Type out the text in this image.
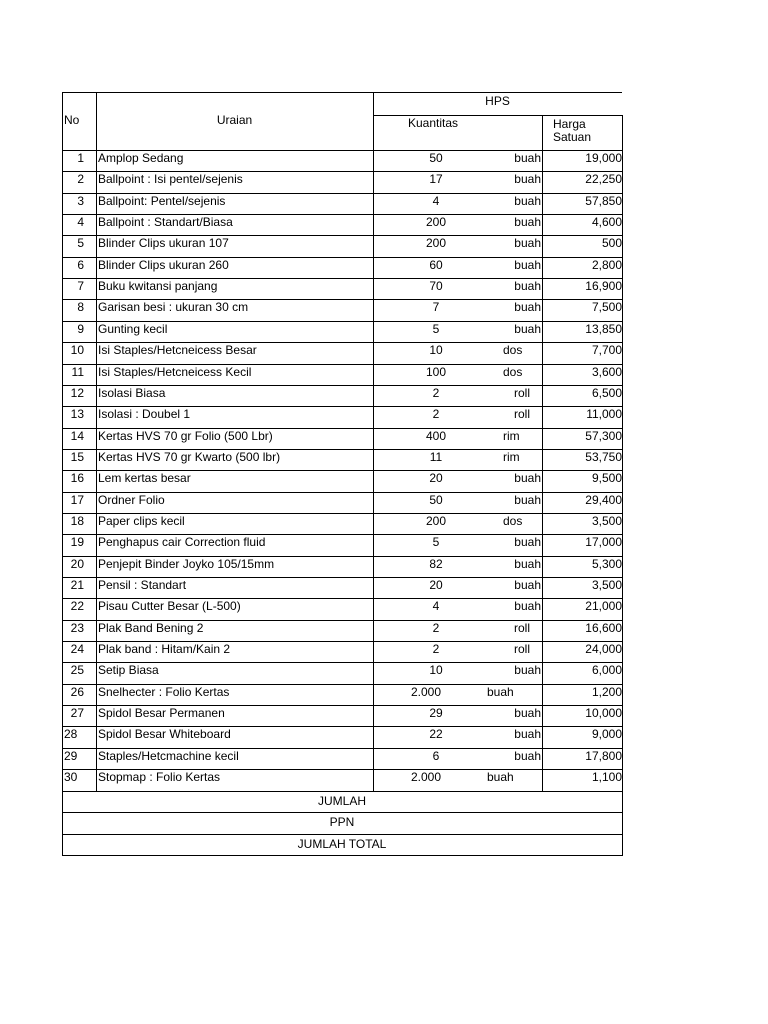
No	Uraian
HPS
Kuantitas	Harga
Satuan
1 Amplop Sedang	50	buah	19,000
2 Ballpoint : Isi pentel/sejenis	17	buah	22,250
3 Ballpoint: Pentel/sejenis	4	buah	57,850
4 Ballpoint : Standart/Biasa	200	buah	4,600
5 Blinder Clips ukuran 107	200	buah	500
6 Blinder Clips ukuran 260	60	buah	2,800
7 Buku kwitansi panjang	70	buah	16,900
8 Garisan besi : ukuran 30 cm	7	buah	7,500
9 Gunting kecil	5	buah	13,850
10 Isi Staples/Hetcneicess Besar	10	dos	7,700
11 Isi Staples/Hetcneicess Kecil	100	dos	3,600
12 Isolasi Biasa	2	roll	6,500
13 Isolasi : Doubel 1	2	roll	11,000
14 Kertas HVS 70 gr Folio (500 Lbr)	400	rim	57,300
15 Kertas HVS 70 gr Kwarto (500 lbr)	11	rim	53,750
16 Lem kertas besar	20	buah	9,500
17 Ordner Folio	50	buah	29,400
18 Paper clips kecil	200	dos	3,500
19 Penghapus cair Correction fluid	5	buah	17,000
20 Penjepit Binder Joyko 105/15mm	82	buah	5,300
21 Pensil : Standart	20	buah	3,500
22 Pisau Cutter Besar (L-500)	4	buah	21,000
23 Plak Band Bening 2	2	roll	16,600
24 Plak band : Hitam/Kain 2	2	roll	24,000
25 Setip Biasa	10	buah	6,000
26 Snelhecter : Folio Kertas	2.000	buah	1,200
27 Spidol Besar Permanen	29	buah	10,000
28 Spidol Besar Whiteboard	22	buah	9,000
29 Staples/Hetcmachine kecil	6	buah	17,800
30 Stopmap : Folio Kertas	2.000	buah	1,100
JUMLAH
PPN
JUMLAH TOTAL
